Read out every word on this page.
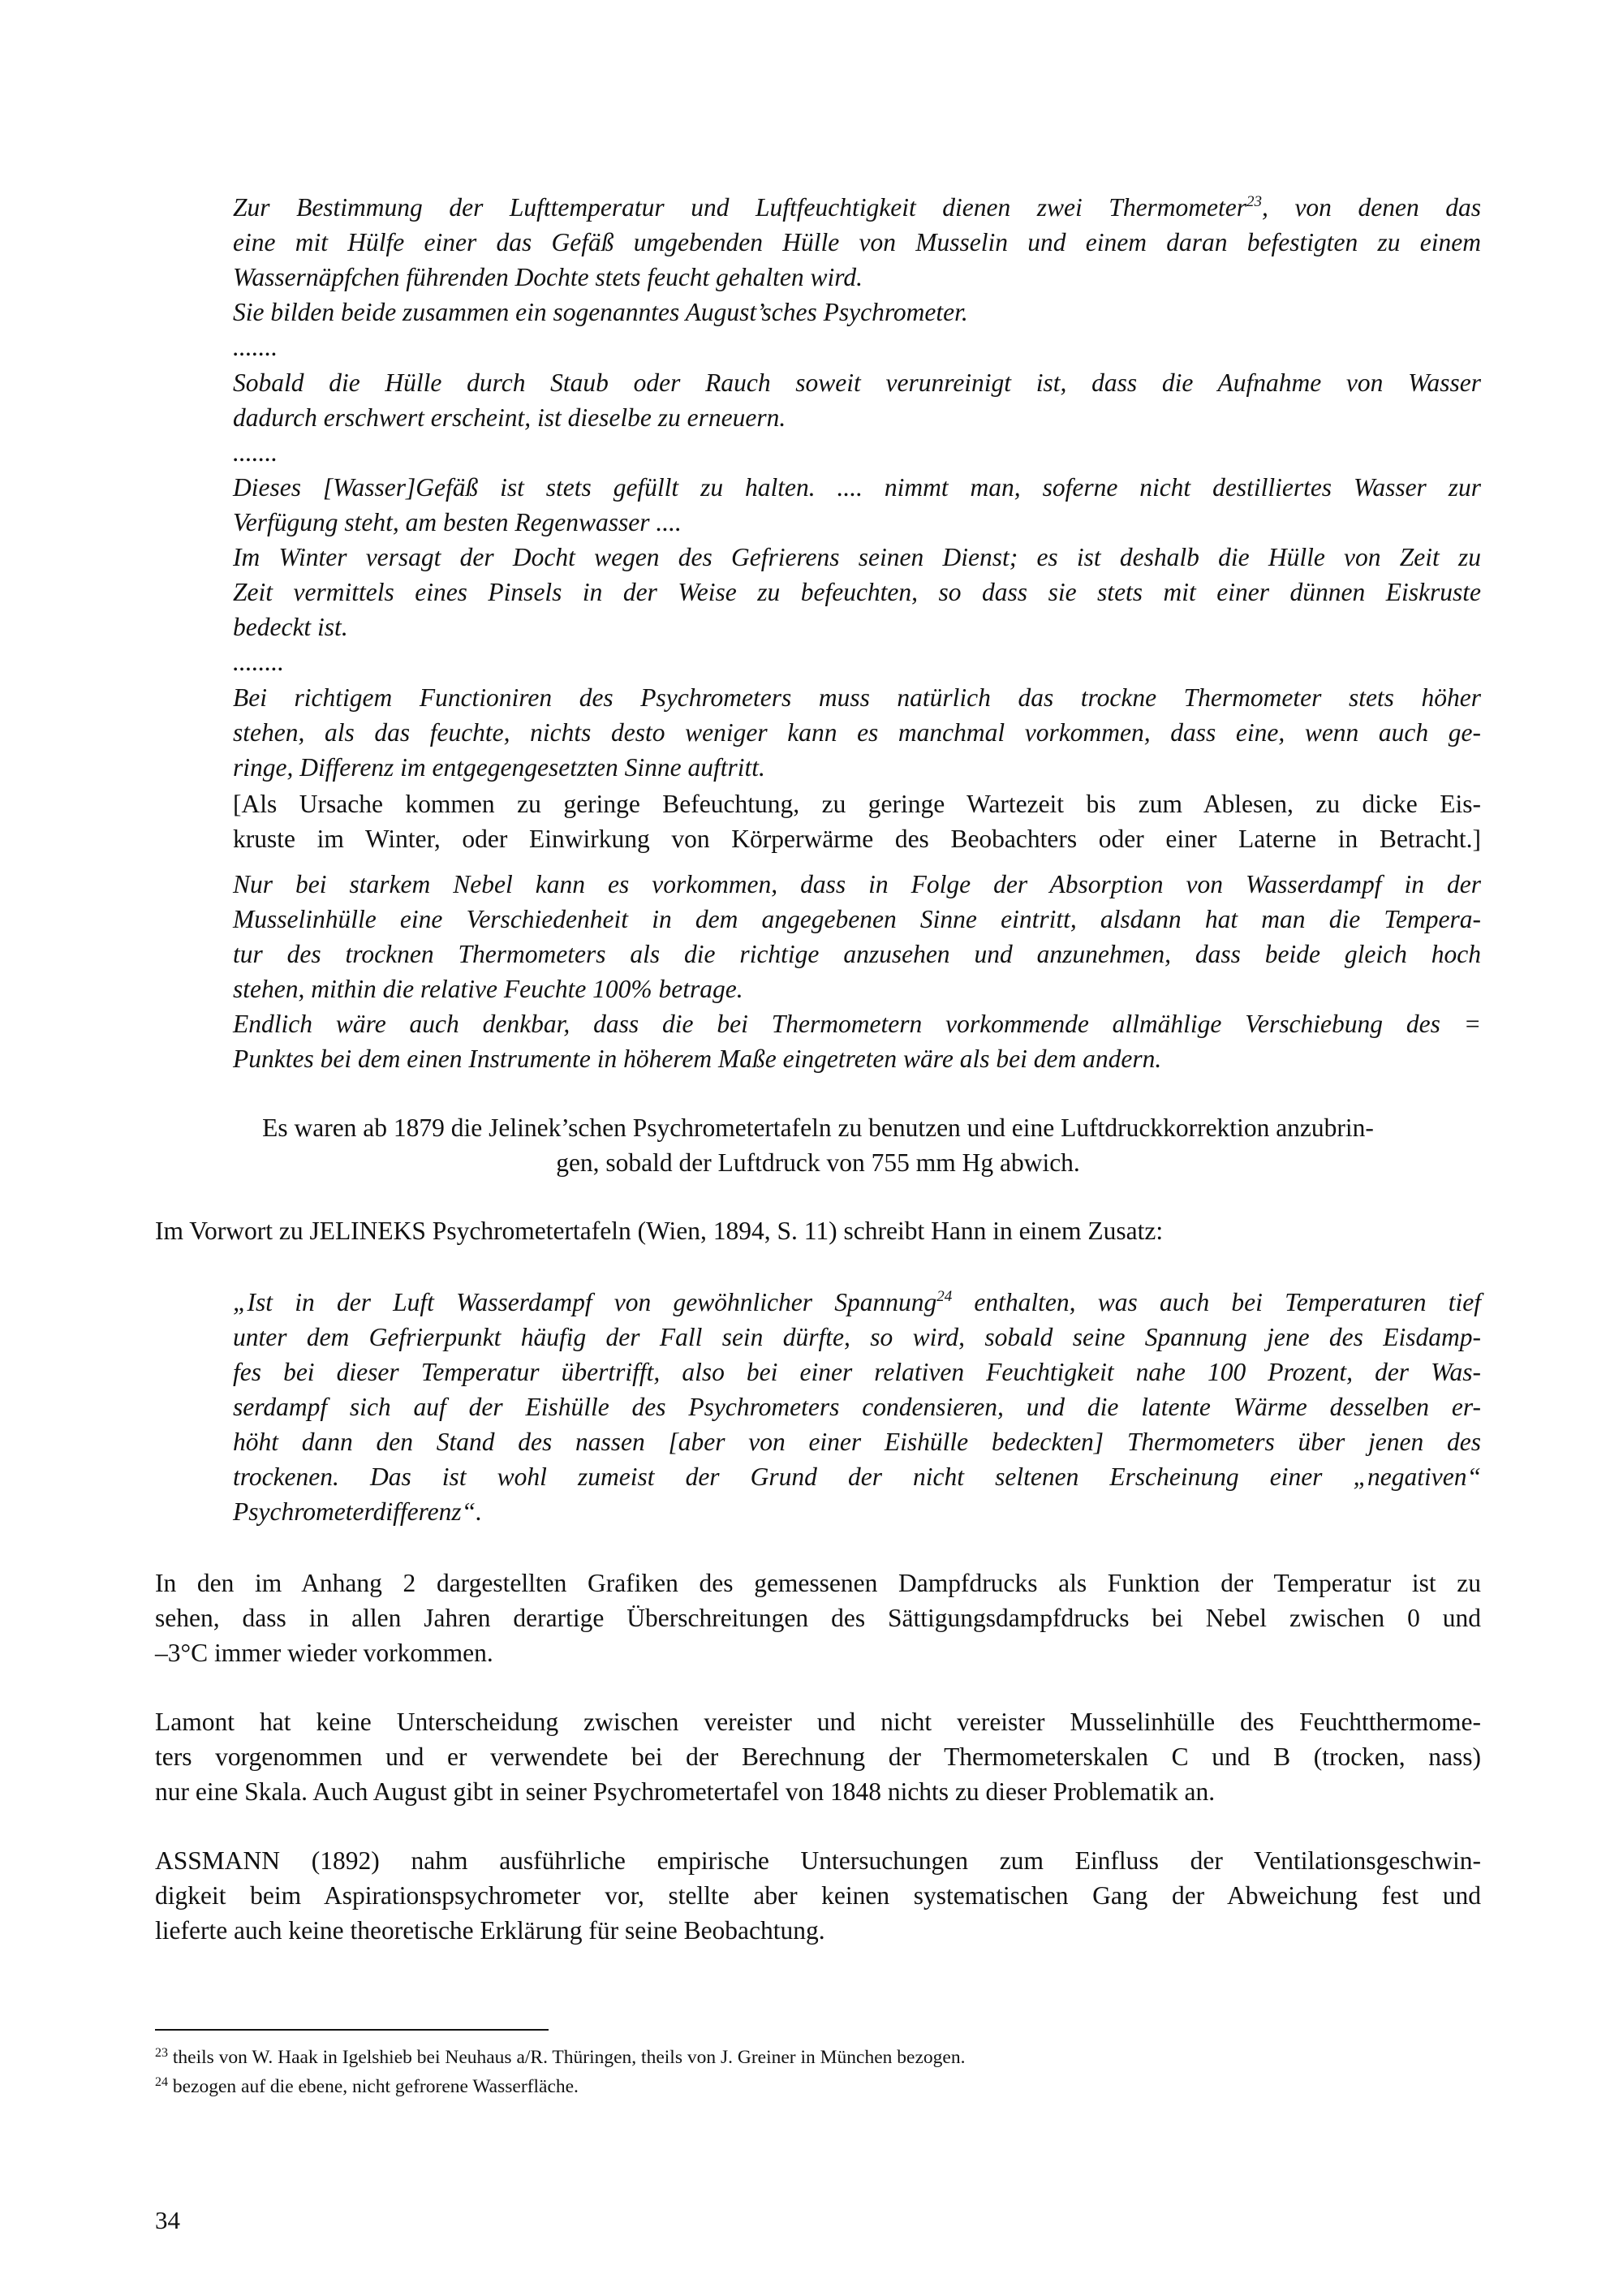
Zur Bestimmung der Lufttemperatur und Luftfeuchtigkeit dienen zwei Thermometer$^{23}$, von denen das
eine mit Hülfe einer das Gefäß umgebenden Hülle von Musselin und einem daran befestigten zu einem
Wassernäpfchen führenden Dochte stets feucht gehalten wird.
Sie bilden beide zusammen ein sogenanntes August’sches Psychrometer.
.......
Sobald die Hülle durch Staub oder Rauch soweit verunreinigt ist, dass die Aufnahme von Wasser
dadurch erschwert erscheint, ist dieselbe zu erneuern.
.......
Dieses [Wasser]Gefäß ist stets gefüllt zu halten. .... nimmt man, soferne nicht destilliertes Wasser zur
Verfügung steht, am besten Regenwasser ....
Im Winter versagt der Docht wegen des Gefrierens seinen Dienst; es ist deshalb die Hülle von Zeit zu
Zeit vermittels eines Pinsels in der Weise zu befeuchten, so dass sie stets mit einer dünnen Eiskruste
bedeckt ist.
........
Bei richtigem Functioniren des Psychrometers muss natürlich das trockne Thermometer stets höher
stehen, als das feuchte, nichts desto weniger kann es manchmal vorkommen, dass eine, wenn auch ge-
ringe, Differenz im entgegengesetzten Sinne auftritt.
[Als Ursache kommen zu geringe Befeuchtung, zu geringe Wartezeit bis zum Ablesen, zu dicke Eis-
kruste im Winter, oder Einwirkung von Körperwärme des Beobachters oder einer Laterne in Betracht.]
Nur bei starkem Nebel kann es vorkommen, dass in Folge der Absorption von Wasserdampf in der
Musselinhülle eine Verschiedenheit in dem angegebenen Sinne eintritt, alsdann hat man die Tempera-
tur des trocknen Thermometers als die richtige anzusehen und anzunehmen, dass beide gleich hoch
stehen, mithin die relative Feuchte 100% betrage.
Endlich wäre auch denkbar, dass die bei Thermometern vorkommende allmählige Verschiebung des =
Punktes bei dem einen Instrumente in höherem Maße eingetreten wäre als bei dem andern.
Es waren ab 1879 die Jelinek’schen Psychrometertafeln zu benutzen und eine Luftdruckkorrektion anzubrin-
gen, sobald der Luftdruck von 755 mm Hg abwich.
Im Vorwort zu JELINEKS Psychrometertafeln (Wien, 1894, S. 11) schreibt Hann in einem Zusatz:
„Ist in der Luft Wasserdampf von gewöhnlicher Spannung$^{24}$ enthalten, was auch bei Temperaturen tief
unter dem Gefrierpunkt häufig der Fall sein dürfte, so wird, sobald seine Spannung jene des Eisdamp-
fes bei dieser Temperatur übertrifft, also bei einer relativen Feuchtigkeit nahe 100 Prozent, der Was-
serdampf sich auf der Eishülle des Psychrometers condensieren, und die latente Wärme desselben er-
höht dann den Stand des nassen [aber von einer Eishülle bedeckten] Thermometers über jenen des
trockenen. Das ist wohl zumeist der Grund der nicht seltenen Erscheinung einer „negativen“
Psychrometerdifferenz“.
In den im Anhang 2 dargestellten Grafiken des gemessenen Dampfdrucks als Funktion der Temperatur ist zu
sehen, dass in allen Jahren derartige Überschreitungen des Sättigungsdampfdrucks bei Nebel zwischen 0 und
–3°C immer wieder vorkommen.
Lamont hat keine Unterscheidung zwischen vereister und nicht vereister Musselinhülle des Feuchtthermome-
ters vorgenommen und er verwendete bei der Berechnung der Thermometerskalen C und B (trocken, nass)
nur eine Skala. Auch August gibt in seiner Psychrometertafel von 1848 nichts zu dieser Problematik an.
ASSMANN (1892) nahm ausführliche empirische Untersuchungen zum Einfluss der Ventilationsgeschwin-
digkeit beim Aspirationspsychrometer vor, stellte aber keinen systematischen Gang der Abweichung fest und
lieferte auch keine theoretische Erklärung für seine Beobachtung.
$^{23}$ theils von W. Haak in Igelshieb bei Neuhaus a/R. Thüringen, theils von J. Greiner in München bezogen.
$^{24}$ bezogen auf die ebene, nicht gefrorene Wasserfläche.
34
